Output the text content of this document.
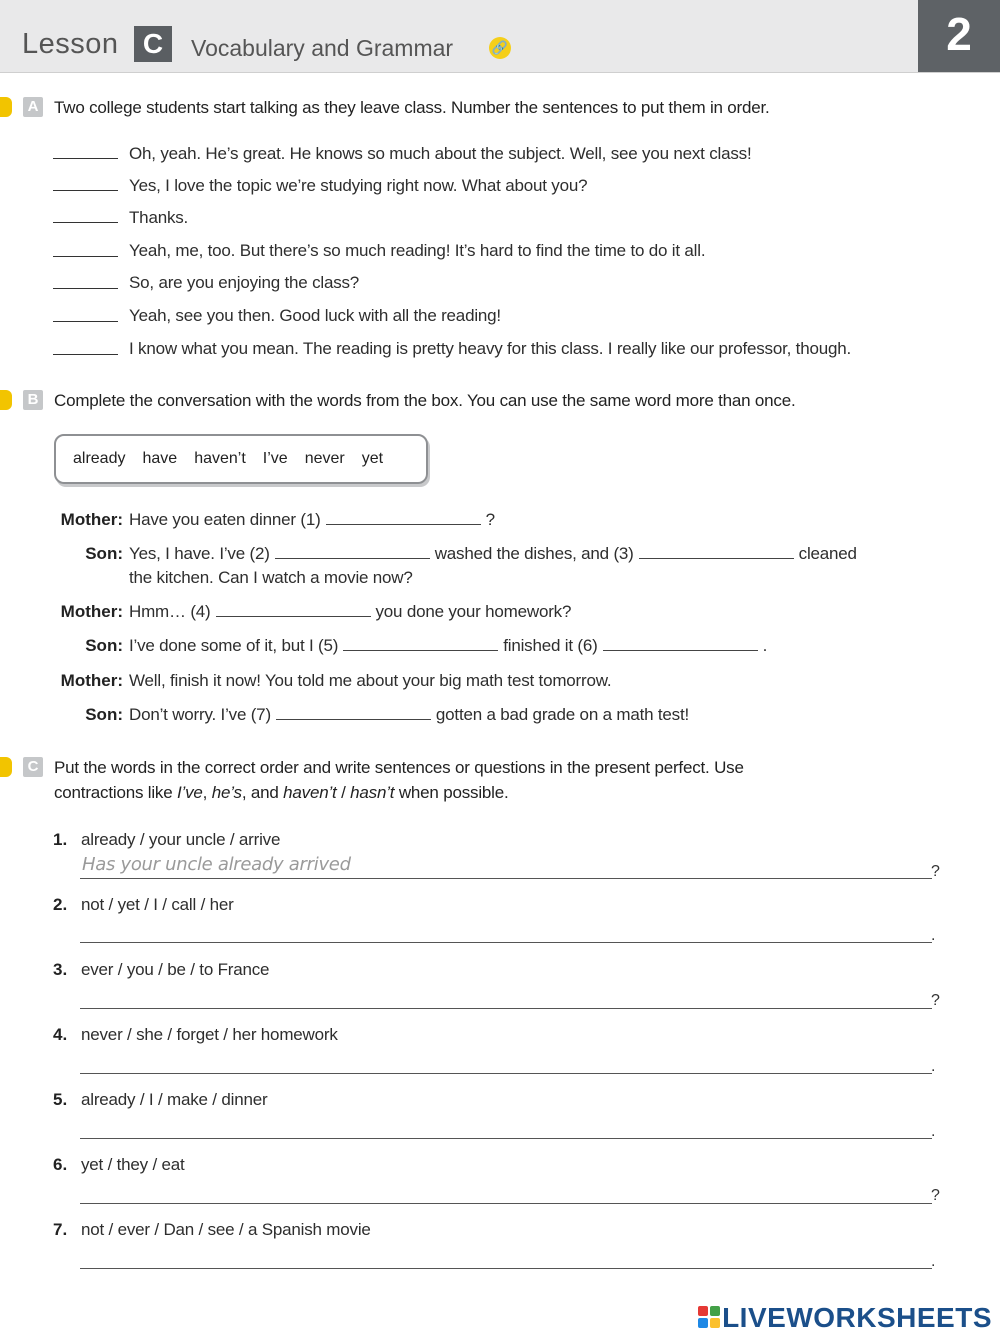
Lesson C	Vocabulary and Grammar	🔗	2
A Two college students start talking as they leave class. Number the sentences to put them in order.
Oh, yeah. He’s great. He knows so much about the subject. Well, see you next class!
Yes, I love the topic we’re studying right now. What about you?
Thanks.
Yeah, me, too. But there’s so much reading! It’s hard to find the time to do it all.
So, are you enjoying the class?
Yeah, see you then. Good luck with all the reading!
I know what you mean. The reading is pretty heavy for this class. I really like our professor, though.
B Complete the conversation with the words from the box. You can use the same word more than once.
already have haven’t I’ve never yet
Mother: Have you eaten dinner (1)	?
Son: Yes, I have. I’ve (2)	washed the dishes, and (3)	cleaned
the kitchen. Can I watch a movie now?
Mother: Hmm… (4)	you done your homework?
Son: I’ve done some of it, but I (5)	finished it (6)	.
Mother: Well, finish it now! You told me about your big math test tomorrow.
Son: Don’t worry. I’ve (7)	gotten a bad grade on a math test!
C Put the words in the correct order and write sentences or questions in the present perfect. Use
contractions like I’ve, he’s, and haven’t / hasn’t when possible.
1. already / your uncle / arrive
Has your uncle already arrived	?
2. not / yet / I / call / her
.
3. ever / you / be / to France
?
4. never / she / forget / her homework
.
5. already / I / make / dinner
.
6. yet / they / eat
?
7. not / ever / Dan / see / a Spanish movie
.
LIVEWORKSHEETS
